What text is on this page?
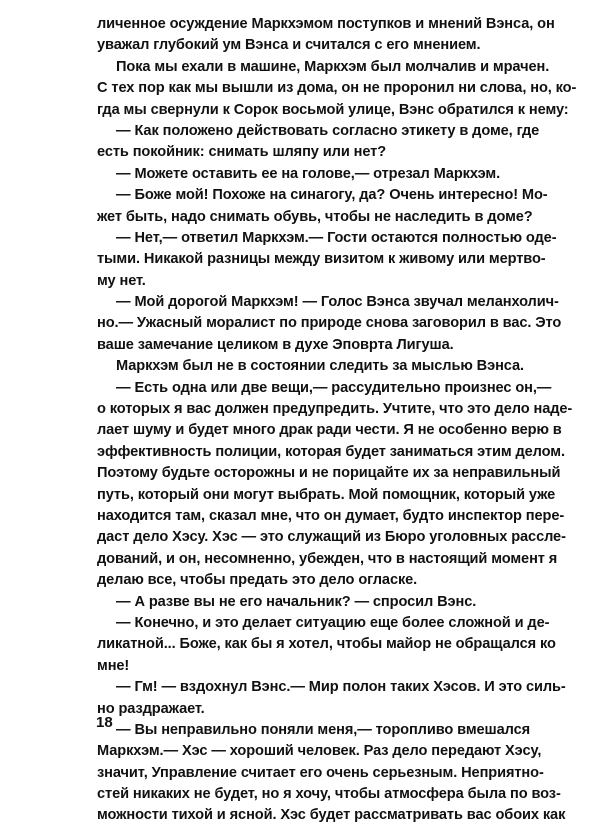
личенное осуждение Маркхэмом поступков и мнений Вэнса, он
уважал глубокий ум Вэнса и считался с его мнением.
Пока мы ехали в машине, Маркхэм был молчалив и мрачен.
С тех пор как мы вышли из дома, он не проронил ни слова, но, ко-
гда мы свернули к Сорок восьмой улице, Вэнс обратился к нему:
— Как положено действовать согласно этикету в доме, где
есть покойник: снимать шляпу или нет?
— Можете оставить ее на голове,— отрезал Маркхэм.
— Боже мой! Похоже на синагогу, да? Очень интересно! Мо-
жет быть, надо снимать обувь, чтобы не наследить в доме?
— Нет,— ответил Маркхэм.— Гости остаются полностью оде-
тыми. Никакой разницы между визитом к живому или мертво-
му нет.
— Мой дорогой Маркхэм! — Голос Вэнса звучал меланхолич-
но.— Ужасный моралист по природе снова заговорил в вас. Это
ваше замечание целиком в духе Эповрта Лигуша.
Маркхэм был не в состоянии следить за мыслью Вэнса.
— Есть одна или две вещи,— рассудительно произнес он,—
о которых я вас должен предупредить. Учтите, что это дело наде-
лает шуму и будет много драк ради чести. Я не особенно верю в
эффективность полиции, которая будет заниматься этим делом.
Поэтому будьте осторожны и не порицайте их за неправильный
путь, который они могут выбрать. Мой помощник, который уже
находится там, сказал мне, что он думает, будто инспектор пере-
даст дело Хэсу. Хэс — это служащий из Бюро уголовных рассле-
дований, и он, несомненно, убежден, что в настоящий момент я
делаю все, чтобы предать это дело огласке.
— А разве вы не его начальник? — спросил Вэнс.
— Конечно, и это делает ситуацию еще более сложной и де-
ликатной... Боже, как бы я хотел, чтобы майор не обращался ко
мне!
— Гм! — вздохнул Вэнс.— Мир полон таких Хэсов. И это силь-
но раздражает.
— Вы неправильно поняли меня,— торопливо вмешался
Маркхэм.— Хэс — хороший человек. Раз дело передают Хэсу,
значит, Управление считает его очень серьезным. Неприятно-
стей никаких не будет, но я хочу, чтобы атмосфера была по воз-
можности тихой и ясной. Хэс будет рассматривать вас обоих как
18
